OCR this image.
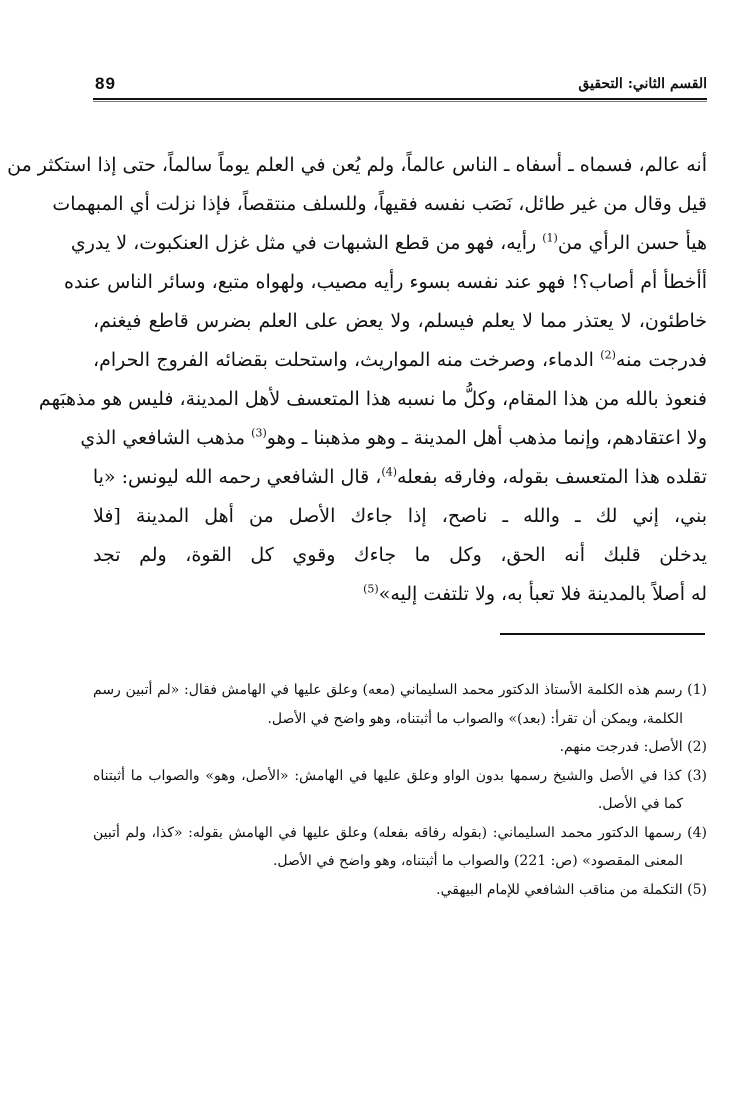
القسم الثاني: التحقيق
89
أنه عالم، فسماه ـ أسفاه ـ الناس عالماً، ولم يُعن في العلم يوماً سالماً، حتى إذا استكثر من
قيل وقال من غير طائل، نَصَب نفسه فقيهاً، وللسلف منتقصاً، فإذا نزلت أي المبهمات
هيأ حسن الرأي من$^{(1)}$ رأيه، فهو من قطع الشبهات في مثل غزل العنكبوت، لا يدري
أأخطأ أم أصاب؟! فهو عند نفسه بسوء رأيه مصيب، ولهواه متبع، وسائر الناس عنده
خاطئون، لا يعتذر مما لا يعلم فيسلم، ولا يعض على العلم بضرس قاطع فيغنم،
فدرجت منه$^{(2)}$ الدماء، وصرخت منه المواريث، واستحلت بقضائه الفروج الحرام،
فنعوذ بالله من هذا المقام، وكلُّ ما نسبه هذا المتعسف لأهل المدينة، فليس هو مذهبَهم
ولا اعتقادهم، وإنما مذهب أهل المدينة ـ وهو مذهبنا ـ وهو$^{(3)}$ مذهب الشافعي الذي
تقلده هذا المتعسف بقوله، وفارقه بفعله$^{(4)}$، قال الشافعي رحمه الله ليونس: «يا
بني، إني لك ـ والله ـ ناصح، إذا جاءك الأصل من أهل المدينة [فلا
يدخلن قلبك أنه الحق، وكل ما جاءك وقوي كل القوة، ولم تجد
له أصلاً بالمدينة فلا تعبأ به، ولا تلتفت إليه»$^{(5)}$
(1) رسم هذه الكلمة الأستاذ الدكتور محمد السليماني (معه) وعلق عليها في الهامش فقال: «لم أتبين رسم
الكلمة، ويمكن أن تقرأ: (بعد)» والصواب ما أثبتناه، وهو واضح في الأصل.
(2) الأصل: فدرجت منهم.
(3) كذا في الأصل والشيخ رسمها بدون الواو وعلق عليها في الهامش: «الأصل، وهو» والصواب ما أثبتناه
كما في الأصل.
(4) رسمها الدكتور محمد السليماني: (بقوله رفاقه بفعله) وعلق عليها في الهامش بقوله: «كذا، ولم أتبين
المعنى المقصود» (ص: 221) والصواب ما أثبتناه، وهو واضح في الأصل.
(5) التكملة من مناقب الشافعي للإمام البيهقي.
